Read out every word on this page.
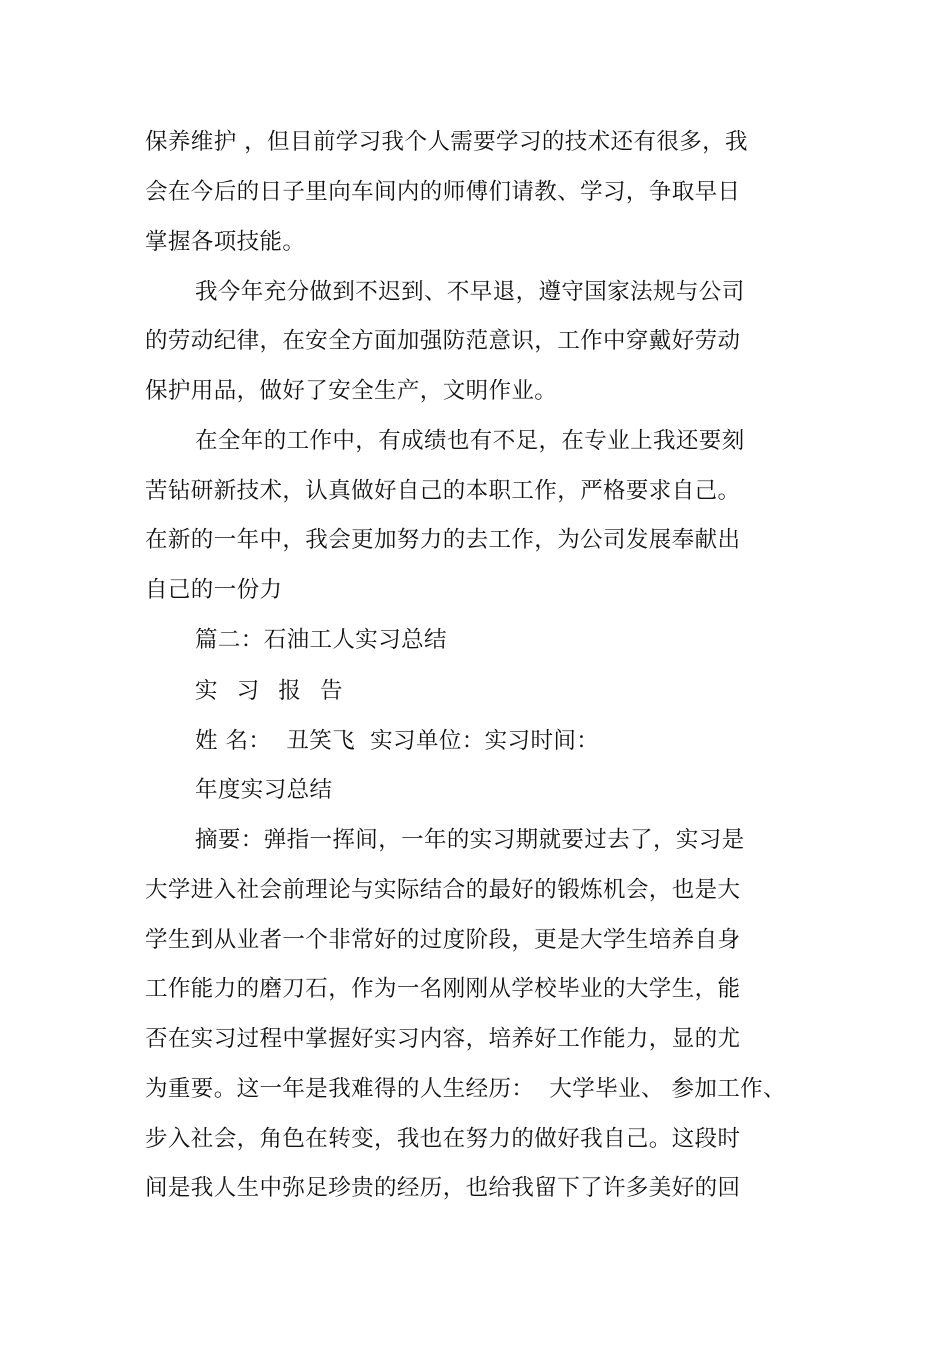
保养维护 ，但目前学习我个人需要学习的技术还有很多，我
会在今后的日子里向车间内的师傅们请教、学习，争取早日
掌握各项技能。
我今年充分做到不迟到、不早退，遵守国家法规与公司
的劳动纪律，在安全方面加强防范意识，工作中穿戴好劳动
保护用品，做好了安全生产，文明作业。
在全年的工作中，有成绩也有不足，在专业上我还要刻
苦钻研新技术，认真做好自己的本职工作，严格要求自己。
在新的一年中，我会更加努力的去工作，为公司发展奉献出
自己的一份力
篇二：石油工人实习总结
实 习 报 告
姓 名：  丑笑飞  实习单位：实习时间：
年度实习总结
摘要：弹指一挥间，一年的实习期就要过去了，实习是
大学进入社会前理论与实际结合的最好的锻炼机会，也是大
学生到从业者一个非常好的过度阶段，更是大学生培养自身
工作能力的磨刀石，作为一名刚刚从学校毕业的大学生，能
否在实习过程中掌握好实习内容，培养好工作能力，显的尤
为重要。这一年是我难得的人生经历：  大学毕业、 参加工作、
步入社会，角色在转变，我也在努力的做好我自己。这段时
间是我人生中弥足珍贵的经历，也给我留下了许多美好的回
